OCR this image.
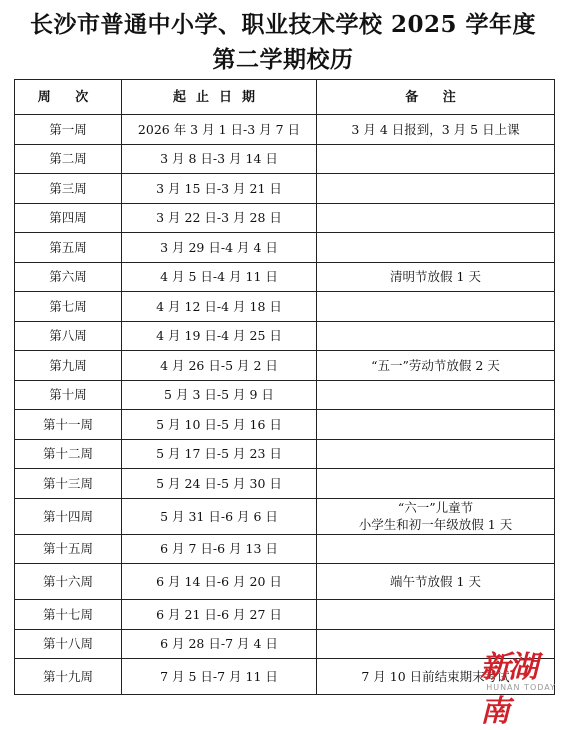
长沙市普通中小学、职业技术学校 2025 学年度
第二学期校历
周 次	起止日期	备 注
第一周	2026 年 3 月 1 日-3 月 7 日	3 月 4 日报到，3 月 5 日上课

第二周	3 月 8 日-3 月 14 日	
第三周	3 月 15 日-3 月 21 日	
第四周	3 月 22 日-3 月 28 日	
第五周	3 月 29 日-4 月 4 日	
第六周	4 月 5 日-4 月 11 日	清明节放假 1 天

第七周	4 月 12 日-4 月 18 日	
第八周	4 月 19 日-4 月 25 日	
第九周	4 月 26 日-5 月 2 日	“五一”劳动节放假 2 天

第十周	5 月 3 日-5 月 9 日	
第十一周	5 月 10 日-5 月 16 日	
第十二周	5 月 17 日-5 月 23 日	
第十三周	5 月 24 日-5 月 30 日	
第十四周	5 月 31 日-6 月 6 日	“六一”儿童节
小学生和初一年级放假 1 天

第十五周	6 月 7 日-6 月 13 日	
第十六周	6 月 14 日-6 月 20 日	端午节放假 1 天

第十七周	6 月 21 日-6 月 27 日	
第十八周	6 月 28 日-7 月 4 日	
第十九周	7 月 5 日-7 月 11 日	7 月 10 日前结束期末考试
新湖南
HUNAN TODAY
